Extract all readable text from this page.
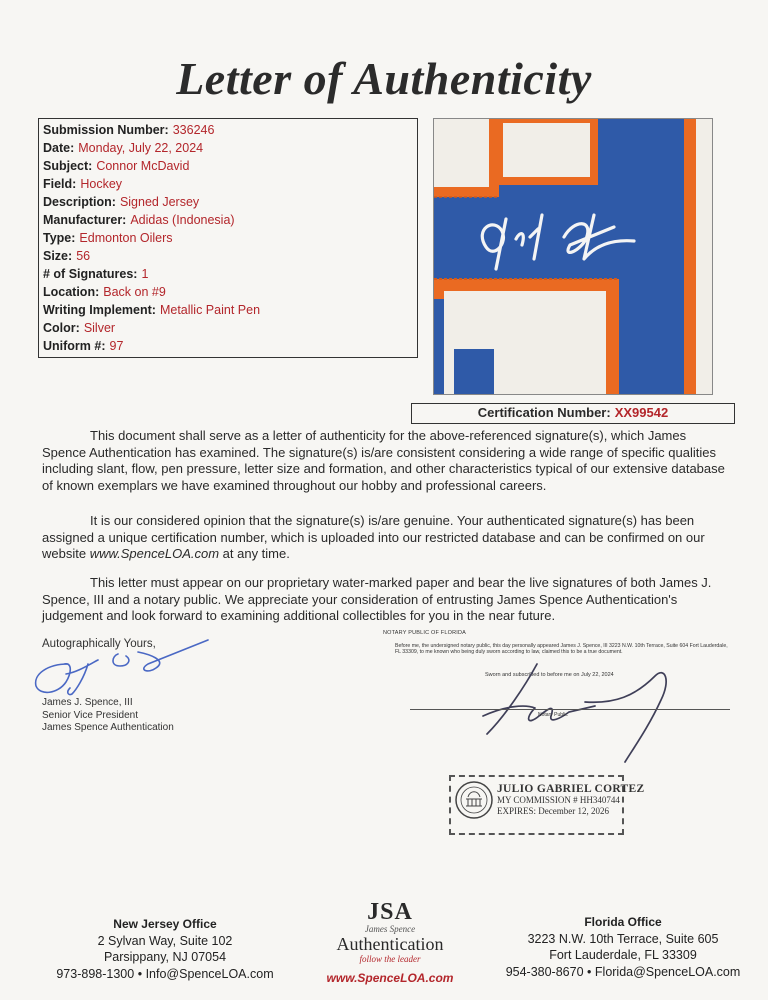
Letter of Authenticity
Submission Number: 336246
Date: Monday, July 22, 2024
Subject: Connor McDavid
Field: Hockey
Description: Signed Jersey
Manufacturer: Adidas (Indonesia)
Type: Edmonton Oilers
Size: 56
# of Signatures: 1
Location: Back on #9
Writing Implement: Metallic Paint Pen
Color: Silver
Uniform #: 97
Certification Number: XX99542
This document shall serve as a letter of authenticity for the above-referenced signature(s), which James Spence Authentication has examined. The signature(s) is/are consistent considering a wide range of specific qualities including slant, flow, pen pressure, letter size and formation, and other characteristics typical of our extensive database of known exemplars we have examined throughout our hobby and professional careers.
It is our considered opinion that the signature(s) is/are genuine. Your authenticated signature(s) has been assigned a unique certification number, which is uploaded into our restricted database and can be confirmed on our website www.SpenceLOA.com at any time.
This letter must appear on our proprietary water-marked paper and bear the live signatures of both James J. Spence, III and a notary public. We appreciate your consideration of entrusting James Spence Authentication's judgement and look forward to examining additional collectibles for you in the near future.
Autographically Yours,
James J. Spence, III
Senior Vice President
James Spence Authentication
NOTARY PUBLIC OF FLORIDA
Before me, the undersigned notary public, this day personally appeared James J. Spence, III 3223 N.W. 10th Terrace, Suite 604 Fort Lauderdale, FL 33309, to me known who being duly sworn according to law, claimed this to be a true document.
Sworn and subscribed to before me on July 22, 2024
Notary Public
JULIO GABRIEL CORTEZ
MY COMMISSION # HH340744
EXPIRES: December 12, 2026
New Jersey Office
2 Sylvan Way, Suite 102
Parsippany, NJ 07054
973-898-1300 • Info@SpenceLOA.com
JSA
James Spence
Authentication
follow the leader
www.SpenceLOA.com
Florida Office
3223 N.W. 10th Terrace, Suite 605
Fort Lauderdale, FL 33309
954-380-8670 • Florida@SpenceLOA.com
